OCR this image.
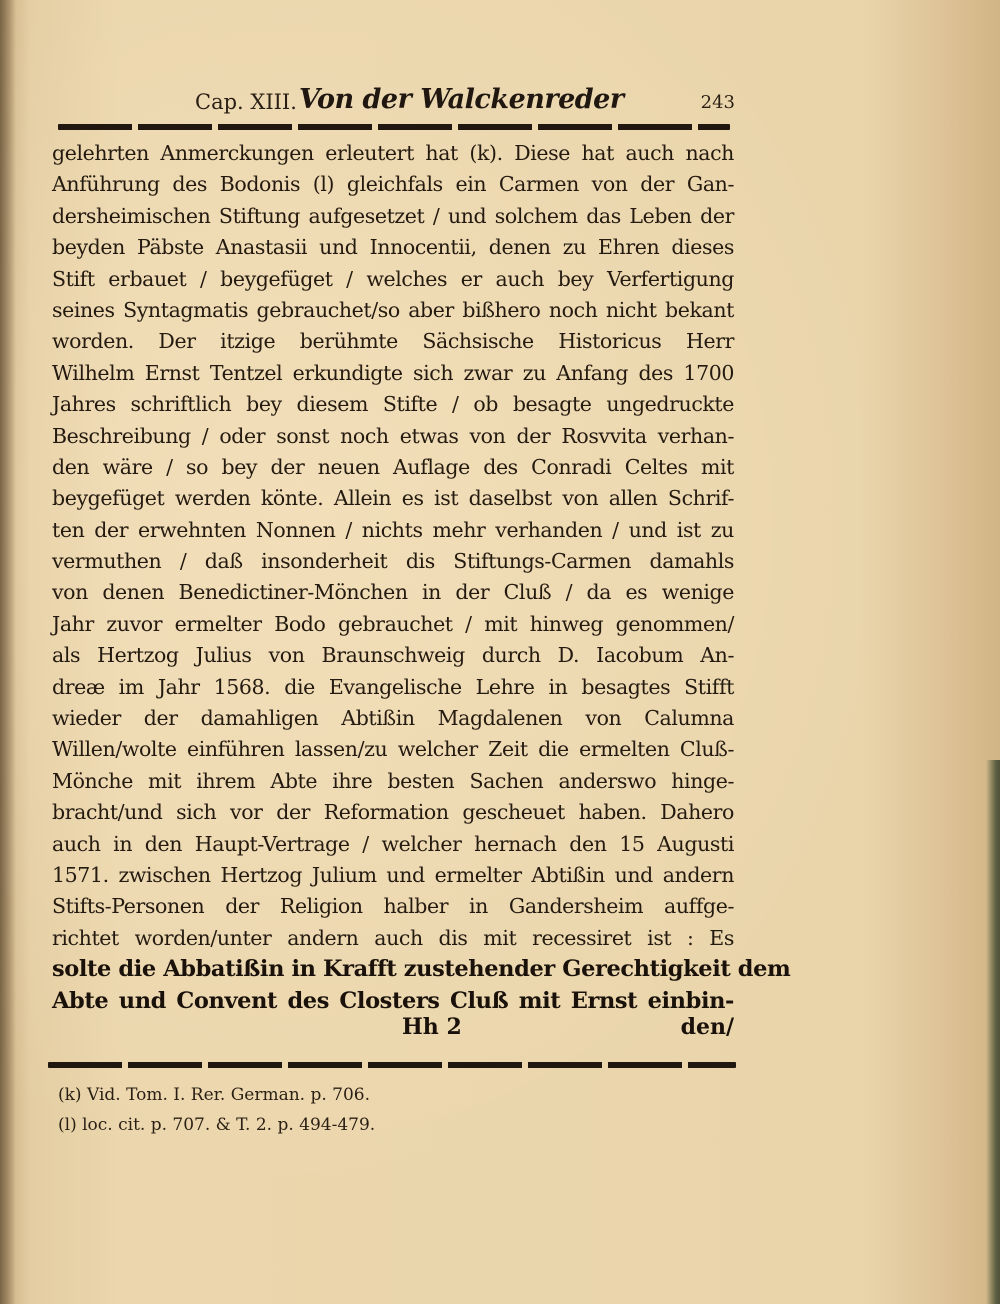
Cap. XIII. Von der Walckenreder	243
gelehrten Anmerckungen erleutert hat (k). Diese hat auch nach
Anführung des Bodonis (l) gleichfals ein Carmen von der Gan-
dersheimischen Stiftung aufgesetzet / und solchem das Leben der
beyden Päbste Anastasii und Innocentii, denen zu Ehren dieses
Stift erbauet / beygefüget / welches er auch bey Verfertigung
seines Syntagmatis gebrauchet/so aber bißhero noch nicht bekant
worden. Der itzige berühmte Sächsische Historicus Herr
Wilhelm Ernst Tentzel erkundigte sich zwar zu Anfang des 1700
Jahres schriftlich bey diesem Stifte / ob besagte ungedruckte
Beschreibung / oder sonst noch etwas von der Rosvvita verhan-
den wäre / so bey der neuen Auflage des Conradi Celtes mit
beygefüget werden könte. Allein es ist daselbst von allen Schrif-
ten der erwehnten Nonnen / nichts mehr verhanden / und ist zu
vermuthen / daß insonderheit dis Stiftungs-Carmen damahls
von denen Benedictiner-Mönchen in der Cluß / da es wenige
Jahr zuvor ermelter Bodo gebrauchet / mit hinweg genommen/
als Hertzog Julius von Braunschweig durch D. Iacobum An-
dreæ im Jahr 1568. die Evangelische Lehre in besagtes Stifft
wieder der damahligen Abtißin Magdalenen von Calumna
Willen/wolte einführen lassen/zu welcher Zeit die ermelten Cluß-
Mönche mit ihrem Abte ihre besten Sachen anderswo hinge-
bracht/und sich vor der Reformation gescheuet haben. Dahero
auch in den Haupt-Vertrage / welcher hernach den 15 Augusti
1571. zwischen Hertzog Julium und ermelter Abtißin und andern
Stifts-Personen der Religion halber in Gandersheim auffge-
richtet worden/unter andern auch dis mit recessiret ist : Es
solte die Abbatißin in Krafft zustehender Gerechtigkeit dem
Abte und Convent des Closters Cluß mit Ernst einbin-
Hh 2	den/
(k) Vid. Tom. I. Rer. German. p. 706.
(l) loc. cit. p. 707. & T. 2. p. 494-479.
